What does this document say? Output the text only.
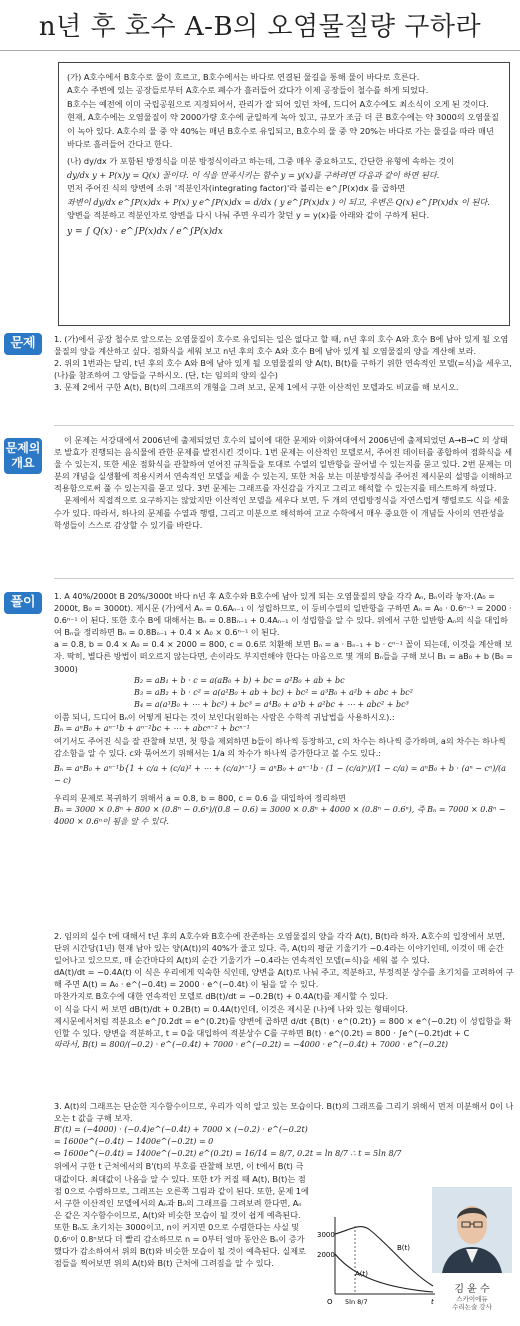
n년 후 호수 A-B의 오염물질량 구하라

(가) A호수에서 B호수로 물이 흐르고, B호수에서는 바다로 연결된 물길을 통해 물이 바다로 흐른다.

A호수 주변에 있는 공장들로부터 A호수로 폐수가 흘러들어 갔다가 이제 공장들이 철수를 하게 되었다.

B호수는 예전에 이미 국립공원으로 지정되어서, 관리가 잘 되어 있던 차에, 드디어 A호수에도 최소식이 오게 된 것이다.

현재, A호수에는 오염물질이 약 2000가량 호수에 균일하게 녹아 있고, 규모가 조금 더 큰 B호수에는 약 3000의 오염물질이 녹아 있다. A호수의 물 중 약 40%는 매년 B호수로 유입되고, B호수의 물 중 약 20%는 바다로 가는 물길을 따라 매년 바다로 흘러들어 간다고 한다.

(나) dy/dx 가 포함된 방정식을 미분 방정식이라고 하는데, 그중 매우 중요하고도, 간단한 유형에 속하는 것이

dy/dx y + P(x)y = Q(x) 꼴이다. 이 식을 만족시키는 함수 y = y(x)를 구하려면 다음과 같이 하면 된다.

먼저 주어진 식의 양변에 소위 '적분인자(integrating factor)'라 불리는 e^∫P(x)dx 를 곱하면

좌변이 dy/dx e^∫P(x)dx + P(x) y e^∫P(x)dx = d/dx ( y e^∫P(x)dx ) 이 되고, 우변은 Q(x) e^∫P(x)dx 이 된다.

양변을 적분하고 적분인자로 양변을 다시 나눠 주면 우리가 찾던 y = y(x)를 아래와 같이 구하게 된다.

y = ∫ Q(x) · e^∫P(x)dx / e^∫P(x)dx

문제	1. (가)에서 공장 철수로 앞으로는 오염물질이 호수로 유입되는 일은 없다고 할 때, n년 후의 호수 A와 호수 B에 남아 있게 될 오염물질의 양을 계산하고 싶다. 점화식을 세워 보고 n년 후의 호수 A와 호수 B에 남아 있게 될 오염물질의 양을 계산해 보라.

2. 위의 1번과는 달리, t년 후의 호수 A와 B에 남아 있게 될 오염물질의 양 A(t), B(t)를 구하기 위한 연속적인 모델(=식)을 세우고, (나)를 참조하여 그 양들을 구하시오. (단, t는 임의의 양의 실수)

3. 문제 2에서 구한 A(t), B(t)의 그래프의 개형을 그려 보고, 문제 1에서 구한 이산적인 모델과도 비교를 해 보시오.

문제의 개요

이 문제는 서강대에서 2006년에 출제되었던 호수의 넓이에 대한 문제와 이화여대에서 2006년에 출제되었던 A→B→C 의 상태로 발효가 진행되는 음식물에 관한 문제를 발전시킨 것이다. 1번 문제는 이산적인 모델로서, 주어진 데이터를 종합하여 점화식을 세울 수 있는지, 또한 세운 점화식을 관찰하여 얻어진 규칙들을 토대로 수열의 일반항을 끌어낼 수 있는지를 묻고 있다. 2번 문제는 미분의 개념을 실생활에 적용시켜서 연속적인 모델을 세울 수 있는지, 또한 처음 보는 미분방정식을 주어진 제시문의 설명을 이해하고 적용함으로써 풀 수 있는지를 묻고 있다. 3번 문제는 그래프를 자신감을 가지고 그리고 해석할 수 있는지를 테스트하게 하였다.

문제에서 직접적으로 요구하지는 않았지만 이산적인 모델을 세우다 보면, 두 개의 연립방정식을 자연스럽게 행렬로도 식을 세울 수가 있다. 따라서, 하나의 문제를 수열과 행렬, 그리고 미분으로 해석하여 고교 수학에서 매우 중요한 이 개념들 사이의 연관성을 학생들이 스스로 감상할 수 있기를 바란다.

풀이	1. A 40%/2000t B 20%/3000t 바다 n년 후 A호수와 B호수에 남아 있게 되는 오염물질의 양을 각각 Aₙ, Bₙ이라 놓자.(A₀ = 2000t, B₀ = 3000t). 제시문 (가)에서 Aₙ = 0.6Aₙ₋₁ 이 성립하므로, 이 등비수열의 일반항을 구하면 Aₙ = A₀ · 0.6ⁿ⁻¹ = 2000 · 0.6ⁿ⁻¹ 이 된다. 또한 호수 B에 대해서는 Bₙ = 0.8Bₙ₋₁ + 0.4Aₙ₋₁ 이 성립함을 알 수 있다. 위에서 구한 일반항 Aₙ의 식을 대입하여 Bₙ을 정리하면 Bₙ = 0.8Bₙ₋₁ + 0.4 × A₀ × 0.6ⁿ⁻¹ 이 된다.

a = 0.8, b = 0.4 × A₀ = 0.4 × 2000 = 800, c = 0.6로 치환해 보면 Bₙ = a · Bₙ₋₁ + b · cⁿ⁻¹ 꼴이 되는데, 이것을 계산해 보자. 딱히, 별다른 방법이 떠오르지 않는다면, 손이라도 부지런해야 한다는 마음으로 몇 개의 Bₙ들을 구해 보니 B₁ = aB₀ + b (B₀ = 3000)

B₂ = aB₁ + b · c = a(aB₀ + b) + bc = a²B₀ + ab + bc

B₃ = aB₂ + b · c² = a(a²B₀ + ab + bc) + bc² = a³B₀ + a²b + abc + bc²

B₄ = a(a³B₀ + ⋯ + bc²) + bc³ = a⁴B₀ + a³b + a²bc + ⋯ + abc² + bc³

이쯤 되니, 드디어 Bₙ이 어떻게 된다는 것이 보인다(원하는 사람은 수학적 귀납법을 사용하시오).:

Bₙ = aⁿB₀ + aⁿ⁻¹b + aⁿ⁻²bc + ⋯ + abcⁿ⁻² + bcⁿ⁻¹

여기서도 주어진 식을 잘 관찰해 보면, 첫 항을 제외하면 b들이 하나씩 등장하고, c의 차수는 하나씩 증가하며, a의 차수는 하나씩 감소함을 알 수 있다. c와 묶어쓰기 위해서는 1/a 의 차수가 하나씩 증가한다고 볼 수도 있다.:

Bₙ = aⁿB₀ + aⁿ⁻¹b{1 + c/a + (c/a)² + ⋯ + (c/a)ⁿ⁻¹} = aⁿB₀ + aⁿ⁻¹b · (1 − (c/a)ⁿ)/(1 − c/a) = aⁿB₀ + b · (aⁿ − cⁿ)/(a − c)

우리의 문제로 복귀하기 위해서 a = 0.8, b = 800, c = 0.6 을 대입하여 정리하면

Bₙ = 3000 × 0.8ⁿ + 800 × (0.8ⁿ − 0.6ⁿ)/(0.8 − 0.6) = 3000 × 0.8ⁿ + 4000 × (0.8ⁿ − 0.6ⁿ), 즉 Bₙ = 7000 × 0.8ⁿ − 4000 × 0.6ⁿ이 됨을 알 수 있다.

2. 임의의 실수 t에 대해서 t년 후의 A호수와 B호수에 잔존하는 오염물질의 양을 각각 A(t), B(t)라 하자. A호수의 입장에서 보면, 단위 시간당(1년) 현재 남아 있는 양(A(t))의 40%가 줄고 있다. 즉, A(t)의 평균 기울기가 −0.4라는 이야기인데, 이것이 매 순간 일어나고 있으므로, 매 순간마다의 A(t)의 순간 기울기가 −0.4라는 연속적인 모델(=식)을 세워 볼 수 있다.

dA(t)/dt = −0.4A(t) 이 식은 우리에게 익숙한 식인데, 양변을 A(t)로 나눠 주고, 적분하고, 부정적분 상수를 초기치를 고려하여 구해 주면 A(t) = A₀ · e^(−0.4t) = 2000 · e^(−0.4t) 이 됨을 알 수 있다.

마찬가지로 B호수에 대한 연속적인 모델로 dB(t)/dt = −0.2B(t) + 0.4A(t)를 제시할 수 있다.

이 식을 다시 써 보면 dB(t)/dt + 0.2B(t) = 0.4A(t)인데, 이것은 제시문 (나)에 나와 있는 형태이다.

제시문에서처럼 적분요소 e^∫0.2dt = e^(0.2t)를 양변에 곱하면 d/dt {B(t) · e^(0.2t)} = 800 × e^(−0.2t) 이 성립함을 확인할 수 있다. 양변을 적분하고, t = 0을 대입하여 적분상수 C를 구하면 B(t) · e^(0.2t) = 800 · ∫e^(−0.2t)dt + C

따라서, B(t) = 800/(−0.2) · e^(−0.4t) + 7000 · e^(−0.2t) = −4000 · e^(−0.4t) + 7000 · e^(−0.2t)

3. A(t)의 그래프는 단순한 지수함수이므로, 우리가 익히 알고 있는 모습이다. B(t)의 그래프를 그리기 위해서 먼저 미분해서 0이 나오는 t 값을 구해 보자.

B'(t) = (−4000) · (−0.4)e^(−0.4t) + 7000 × (−0.2) · e^(−0.2t)

= 1600e^(−0.4t) − 1400e^(−0.2t) = 0

⇔ 1600e^(−0.4t) = 1400e^(−0.2t) e^(0.2t) = 16/14 = 8/7, 0.2t = ln 8/7 ∴ t = 5ln 8/7

위에서 구한 t 근처에서의 B'(t)의 부호를 관찰해 보면, 이 t에서 B(t) 극대값이다. 최대값이 나옴을 알 수 있다. 또한 t가 커질 때 A(t), B(t)는 점점 0으로 수렴하므로, 그래프는 오른쪽 그림과 같이 된다. 또한, 문제 1에서 구한 이산적인 모델에서의 Aₙ과 Bₙ의 그래프를 그려보려 한다면, Aₙ은 같은 지수함수이므로, A(t)와 비슷한 모습이 될 것이 쉽게 예측된다. 또한 Bₙ도 초기치는 3000이고, n이 커지면 0으로 수렴한다는 사실 및 0.6ⁿ이 0.8ⁿ보다 더 빨리 감소하므로 n = 0부터 얼마 동안은 Bₙ이 증가했다가 감소하여서 위의 B(t)와 비슷한 모습이 될 것이 예측된다. 실제로 점들을 찍어보면 위의 A(t)와 B(t) 근처에 그려짐을 알 수 있다.

3000
2000
O 5ln 8/7	t
B(t)
A(t)
김 윤 수
스카이에듀
수리논술 강사
